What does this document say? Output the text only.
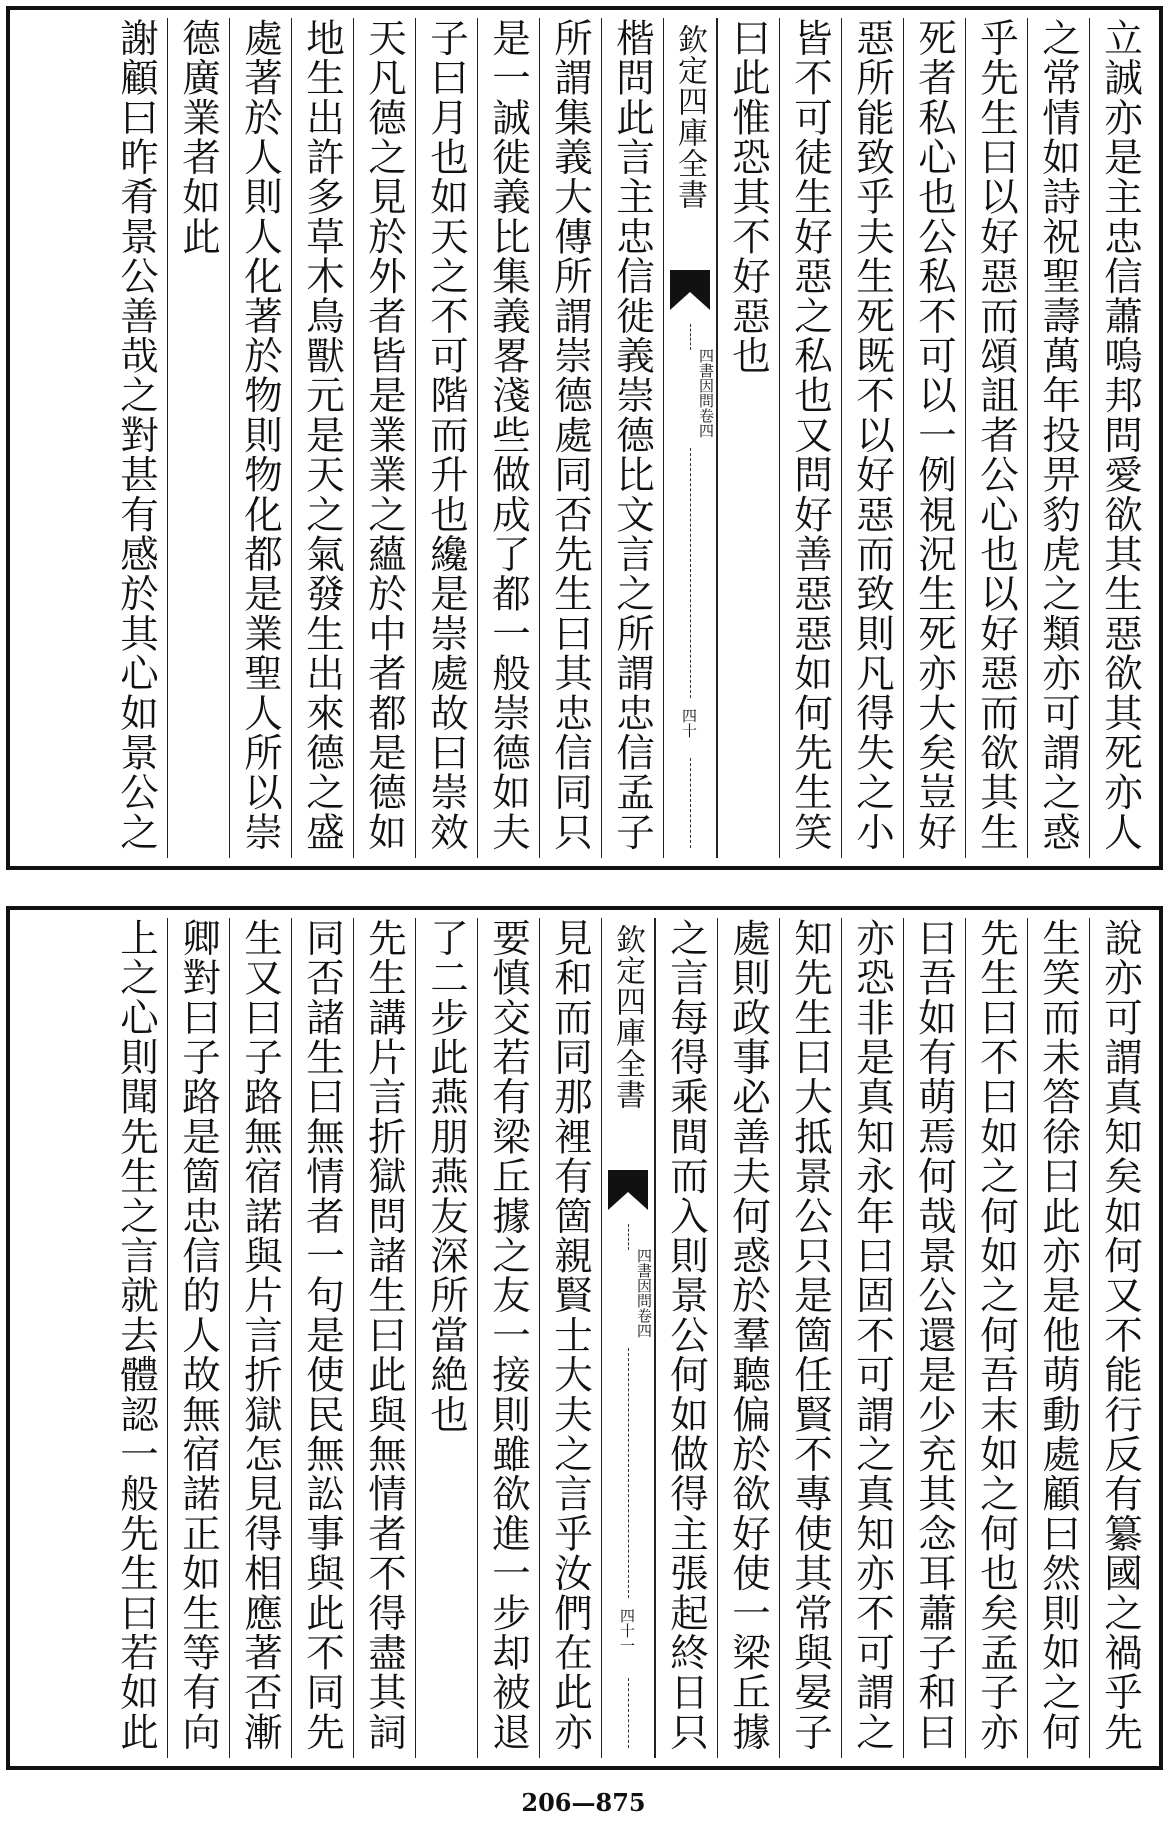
立誠亦是主忠信蕭嗚邦問愛欲其生惡欲其死亦人
之常情如詩祝聖壽萬年投畀豹虎之類亦可謂之惑
乎先生曰以好惡而頌詛者公心也以好惡而欲其生
死者私心也公私不可以一例視況生死亦大矣豈好
惡所能致乎夫生死既不以好惡而致則凡得失之小
皆不可徒生好惡之私也又問好善惡惡如何先生笑
曰此惟恐其不好惡也
欽定四庫全書
四書因問
卷四
四十
楷問此言主忠信徙義崇德比文言之所謂忠信孟子
所謂集義大傳所謂崇德處同否先生曰其忠信同只
是一誠徙義比集義畧淺些做成了都一般崇德如夫
子曰月也如天之不可階而升也纔是崇處故曰崇效
天凡德之見於外者皆是業業之蘊於中者都是德如
地生出許多草木鳥獸元是天之氣發生出來德之盛
處著於人則人化著於物則物化都是業聖人所以崇
德廣業者如此
謝顧曰昨肴景公善哉之對甚有感於其心如景公之
說亦可謂真知矣如何又不能行反有纂國之禍乎先
生笑而未答徐曰此亦是他萌動處顧曰然則如之何
先生曰不曰如之何如之何吾末如之何也矣孟子亦
曰吾如有萌焉何哉景公還是少充其念耳蕭子和曰
亦恐非是真知永年曰固不可謂之真知亦不可謂之
知先生曰大抵景公只是箇任賢不專使其常與晏子
處則政事必善夫何惑於羣聽偏於欲好使一梁丘據
之言每得乘間而入則景公何如做得主張起終日只
欽定四庫全書
四書因問
卷四
四十一
見和而同那裡有箇親賢士大夫之言乎汝們在此亦
要慎交若有梁丘據之友一接則雖欲進一步却被退
了二步此燕朋燕友深所當絶也
先生講片言折獄問諸生曰此與無情者不得盡其詞
同否諸生曰無情者一句是使民無訟事與此不同先
生又曰子路無宿諾與片言折獄怎見得相應著否漸
卿對曰子路是箇忠信的人故無宿諾正如生等有向
上之心則聞先生之言就去體認一般先生曰若如此
206—875
